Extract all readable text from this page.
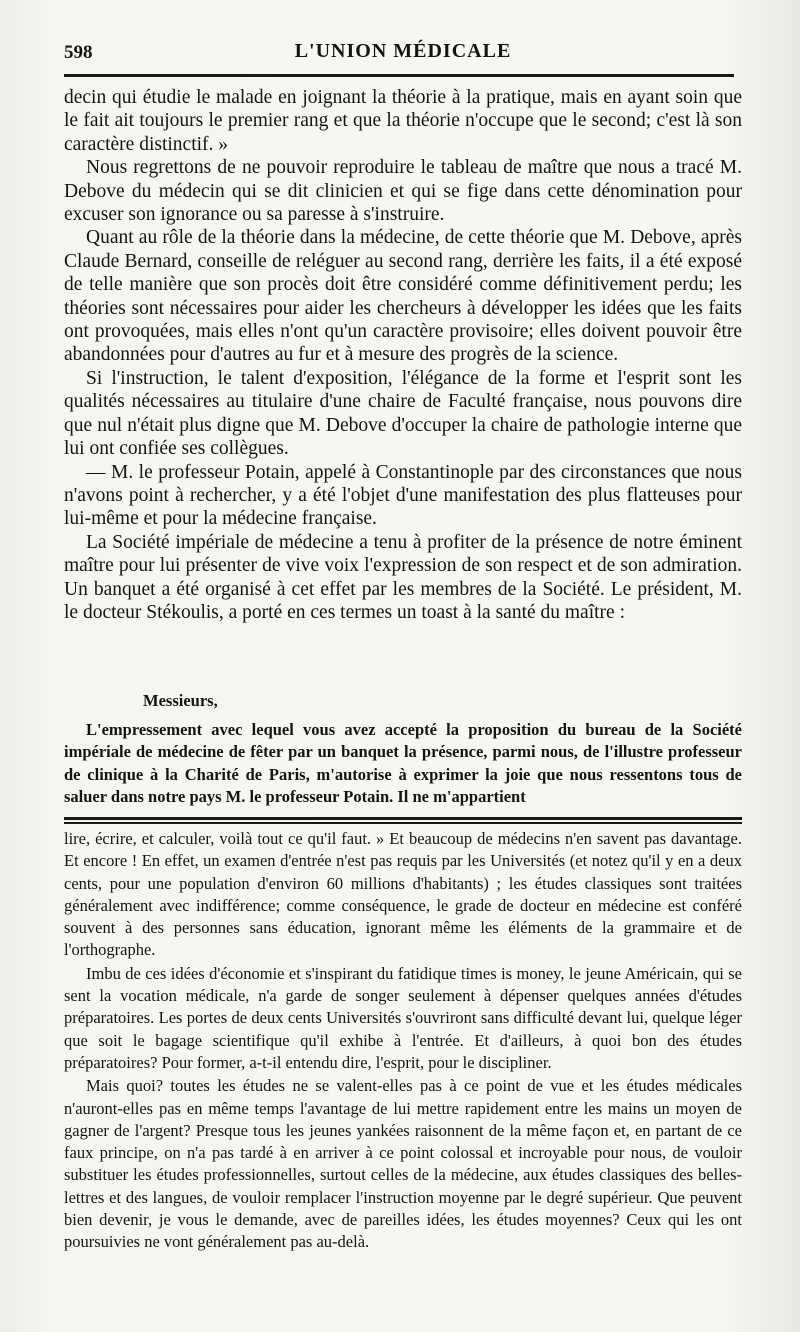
598	L'UNION MÉDICALE

decin qui étudie le malade en joignant la théorie à la pratique, mais en ayant soin que le fait ait toujours le premier rang et que la théorie n'occupe que le second; c'est là son caractère distinctif. »

Nous regrettons de ne pouvoir reproduire le tableau de maître que nous a tracé M. Debove du médecin qui se dit clinicien et qui se fige dans cette dénomination pour excuser son ignorance ou sa paresse à s'instruire.

Quant au rôle de la théorie dans la médecine, de cette théorie que M. Debove, après Claude Bernard, conseille de reléguer au second rang, derrière les faits, il a été exposé de telle manière que son procès doit être considéré comme définitivement perdu; les théories sont nécessaires pour aider les chercheurs à développer les idées que les faits ont provoquées, mais elles n'ont qu'un caractère provisoire; elles doivent pouvoir être abandonnées pour d'autres au fur et à mesure des progrès de la science.

Si l'instruction, le talent d'exposition, l'élégance de la forme et l'esprit sont les qualités nécessaires au titulaire d'une chaire de Faculté française, nous pouvons dire que nul n'était plus digne que M. Debove d'occuper la chaire de pathologie interne que lui ont confiée ses collègues.

— M. le professeur Potain, appelé à Constantinople par des circonstances que nous n'avons point à rechercher, y a été l'objet d'une manifestation des plus flatteuses pour lui-même et pour la médecine française.

La Société impériale de médecine a tenu à profiter de la présence de notre éminent maître pour lui présenter de vive voix l'expression de son respect et de son admiration. Un banquet a été organisé à cet effet par les membres de la Société. Le président, M. le docteur Stékoulis, a porté en ces termes un toast à la santé du maître :

Messieurs,

L'empressement avec lequel vous avez accepté la proposition du bureau de la Société impériale de médecine de fêter par un banquet la présence, parmi nous, de l'illustre professeur de clinique à la Charité de Paris, m'autorise à exprimer la joie que nous ressentons tous de saluer dans notre pays M. le professeur Potain. Il ne m'appartient

lire, écrire, et calculer, voilà tout ce qu'il faut. » Et beaucoup de médecins n'en savent pas davantage. Et encore ! En effet, un examen d'entrée n'est pas requis par les Universités (et notez qu'il y en a deux cents, pour une population d'environ 60 millions d'habitants) ; les études classiques sont traitées généralement avec indifférence; comme conséquence, le grade de docteur en médecine est conféré souvent à des personnes sans éducation, ignorant même les éléments de la grammaire et de l'orthographe.

Imbu de ces idées d'économie et s'inspirant du fatidique times is money, le jeune Américain, qui se sent la vocation médicale, n'a garde de songer seulement à dépenser quelques années d'études préparatoires. Les portes de deux cents Universités s'ouvriront sans difficulté devant lui, quelque léger que soit le bagage scientifique qu'il exhibe à l'entrée. Et d'ailleurs, à quoi bon des études préparatoires? Pour former, a-t-il entendu dire, l'esprit, pour le discipliner.

Mais quoi? toutes les études ne se valent-elles pas à ce point de vue et les études médicales n'auront-elles pas en même temps l'avantage de lui mettre rapidement entre les mains un moyen de gagner de l'argent? Presque tous les jeunes yankées raisonnent de la même façon et, en partant de ce faux principe, on n'a pas tardé à en arriver à ce point colossal et incroyable pour nous, de vouloir substituer les études professionnelles, surtout celles de la médecine, aux études classiques des belles-lettres et des langues, de vouloir remplacer l'instruction moyenne par le degré supérieur. Que peuvent bien devenir, je vous le demande, avec de pareilles idées, les études moyennes? Ceux qui les ont poursuivies ne vont généralement pas au-delà.
